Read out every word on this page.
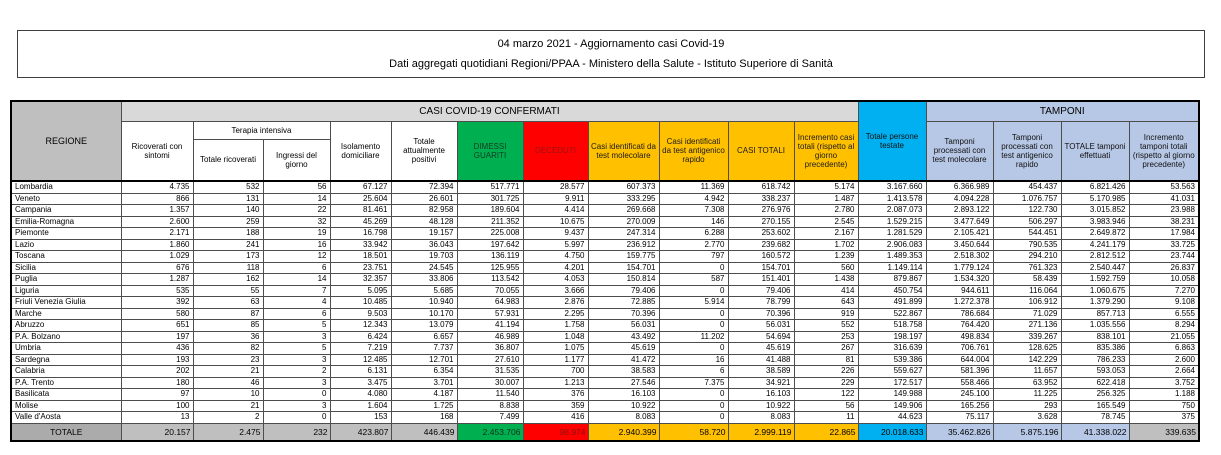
04 marzo 2021 - Aggiornamento casi Covid-19
Dati aggregati quotidiani Regioni/PPAA - Ministero della Salute - Istituto Superiore di Sanità
REGIONE	CASI COVID-19 CONFERMATI											Totale persone testate	TAMPONI			
	Ricoverati con sintomi	Terapia intensiva		Isolamento domiciliare	Totale attualmente positivi	DIMESSI GUARITI	DECEDUTI	Casi identificati da test molecolare	Casi identificati da test antigenico rapido	CASI TOTALI	Incremento casi totali (rispetto al giorno precedente)		Tamponi processati con test molecolare	Tamponi processati con test antigenico rapido	TOTALE tamponi effettuati	Incremento tamponi totali (rispetto al giorno precedente)
		Totale ricoverati	Ingressi del giorno													
Lombardia	4.735	532	56	67.127	72.394	517.771	28.577	607.373	11.369	618.742	5.174	3.167.660	6.366.989	454.437	6.821.426	53.563
Veneto	866	131	14	25.604	26.601	301.725	9.911	333.295	4.942	338.237	1.487	1.413.578	4.094.228	1.076.757	5.170.985	41.031
Campania	1.357	140	22	81.461	82.958	189.604	4.414	269.668	7.308	276.976	2.780	2.087.073	2.893.122	122.730	3.015.852	23.988
Emilia-Romagna	2.600	259	32	45.269	48.128	211.352	10.675	270.009	146	270.155	2.545	1.529.215	3.477.649	506.297	3.983.946	38.231
Piemonte	2.171	188	19	16.798	19.157	225.008	9.437	247.314	6.288	253.602	2.167	1.281.529	2.105.421	544.451	2.649.872	17.984
Lazio	1.860	241	16	33.942	36.043	197.642	5.997	236.912	2.770	239.682	1.702	2.906.083	3.450.644	790.535	4.241.179	33.725
Toscana	1.029	173	12	18.501	19.703	136.119	4.750	159.775	797	160.572	1.239	1.489.353	2.518.302	294.210	2.812.512	23.744
Sicilia	676	118	6	23.751	24.545	125.955	4.201	154.701	0	154.701	560	1.149.114	1.779.124	761.323	2.540.447	26.837
Puglia	1.287	162	14	32.357	33.806	113.542	4.053	150.814	587	151.401	1.438	879.867	1.534.320	58.439	1.592.759	10.058
Liguria	535	55	7	5.095	5.685	70.055	3.666	79.406	0	79.406	414	450.754	944.611	116.064	1.060.675	7.270
Friuli Venezia Giulia	392	63	4	10.485	10.940	64.983	2.876	72.885	5.914	78.799	643	491.899	1.272.378	106.912	1.379.290	9.108
Marche	580	87	6	9.503	10.170	57.931	2.295	70.396	0	70.396	919	522.867	786.684	71.029	857.713	6.555
Abruzzo	651	85	5	12.343	13.079	41.194	1.758	56.031	0	56.031	552	518.758	764.420	271.136	1.035.556	8.294
P.A. Bolzano	197	36	3	6.424	6.657	46.989	1.048	43.492	11.202	54.694	253	198.197	498.834	339.267	838.101	21.055
Umbria	436	82	5	7.219	7.737	36.807	1.075	45.619	0	45.619	267	316.639	706.761	128.625	835.386	6.863
Sardegna	193	23	3	12.485	12.701	27.610	1.177	41.472	16	41.488	81	539.386	644.004	142.229	786.233	2.600
Calabria	202	21	2	6.131	6.354	31.535	700	38.583	6	38.589	226	559.627	581.396	11.657	593.053	2.664
P.A. Trento	180	46	3	3.475	3.701	30.007	1.213	27.546	7.375	34.921	229	172.517	558.466	63.952	622.418	3.752
Basilicata	97	10	0	4.080	4.187	11.540	376	16.103	0	16.103	122	149.988	245.100	11.225	256.325	1.188
Molise	100	21	3	1.604	1.725	8.838	359	10.922	0	10.922	56	149.906	165.256	293	165.549	750
Valle d'Aosta	13	2	0	153	168	7.499	416	8.083	0	8.083	11	44.623	75.117	3.628	78.745	375
TOTALE	20.157	2.475	232	423.807	446.439	2.453.706	98.974	2.940.399	58.720	2.999.119	22.865	20.018.633	35.462.826	5.875.196	41.338.022	339.635
